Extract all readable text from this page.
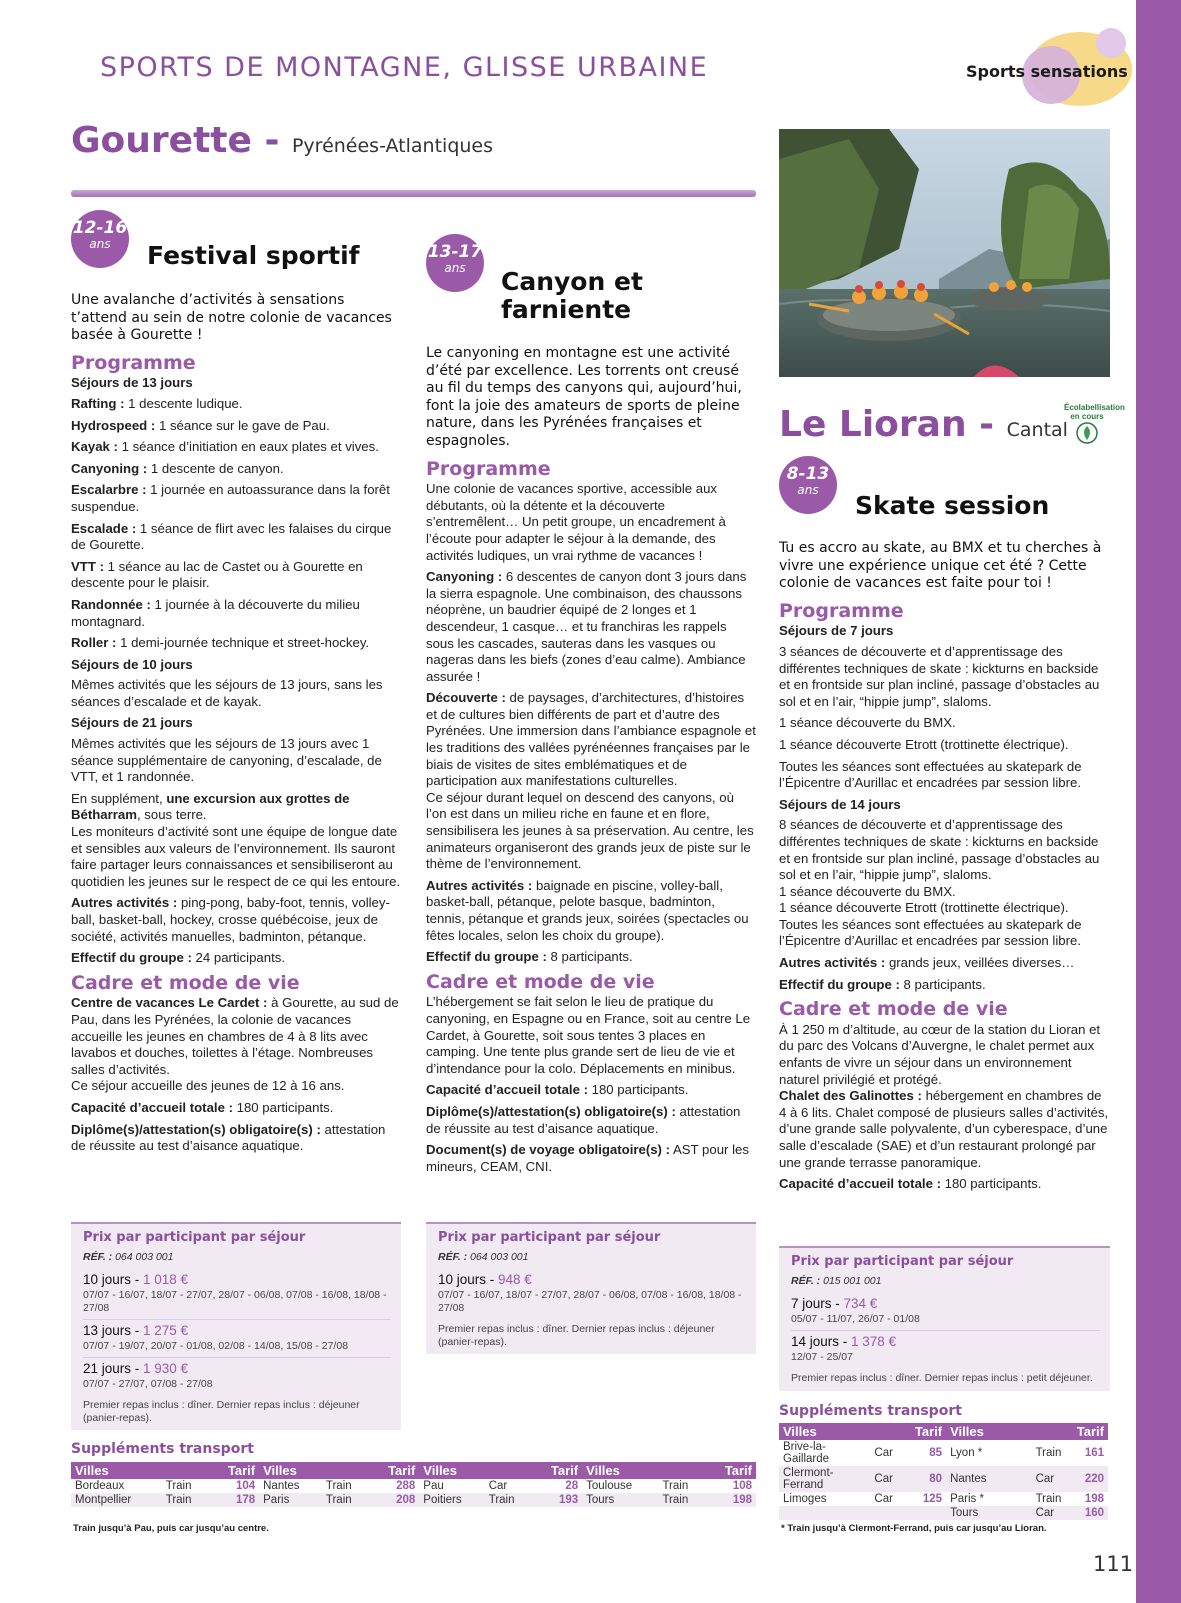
SPORTS DE MONTAGNE, GLISSE URBAINE	Sports sensations
Gourette - Pyrénées-Atlantiques
12-16
ans	Festival sportif

Une avalanche d’activités à sensations t’attend au sein de notre colonie de vacances basée à Gourette !

Programme

Séjours de 13 jours

Rafting : 1 descente ludique.

Hydrospeed : 1 séance sur le gave de Pau.

Kayak : 1 séance d’initiation en eaux plates et vives.

Canyoning : 1 descente de canyon.

Escalarbre : 1 journée en autoassurance dans la forêt suspendue.

Escalade : 1 séance de flirt avec les falaises du cirque de Gourette.

VTT : 1 séance au lac de Castet ou à Gourette en descente pour le plaisir.

Randonnée : 1 journée à la découverte du milieu montagnard.

Roller : 1 demi-journée technique et street-hockey.

Séjours de 10 jours

Mêmes activités que les séjours de 13 jours, sans les séances d’escalade et de kayak.

Séjours de 21 jours

Mêmes activités que les séjours de 13 jours avec 1 séance supplémentaire de canyoning, d’escalade, de VTT, et 1 randonnée.

En supplément, une excursion aux grottes de Bétharram, sous terre.

Les moniteurs d’activité sont une équipe de longue date et sensibles aux valeurs de l’environnement. Ils sauront faire partager leurs connaissances et sensibiliseront au quotidien les jeunes sur le respect de ce qui les entoure.

Autres activités : ping-pong, baby-foot, tennis, volley-ball, basket-ball, hockey, crosse québécoise, jeux de société, activités manuelles, badminton, pétanque.

Effectif du groupe : 24 participants.

Cadre et mode de vie

Centre de vacances Le Cardet : à Gourette, au sud de Pau, dans les Pyrénées, la colonie de vacances accueille les jeunes en chambres de 4 à 8 lits avec lavabos et douches, toilettes à l’étage. Nombreuses salles d’activités.

Ce séjour accueille des jeunes de 12 à 16 ans.

Capacité d’accueil totale : 180 participants.

Diplôme(s)/attestation(s) obligatoire(s) : attestation de réussite au test d’aisance aquatique.

Prix par participant par séjour
RÉF. : 064 003 001
10 jours - 1 018 €
07/07 - 16/07, 18/07 - 27/07, 28/07 - 06/08, 07/08 - 16/08, 18/08 - 27/08
13 jours - 1 275 €
07/07 - 19/07, 20/07 - 01/08, 02/08 - 14/08, 15/08 - 27/08
21 jours - 1 930 €
07/07 - 27/07, 07/08 - 27/08
Premier repas inclus : dîner. Dernier repas inclus : déjeuner (panier-repas).
13-17
ans	Canyon et
farniente

Le canyoning en montagne est une activité d’été par excellence. Les torrents ont creusé au fil du temps des canyons qui, aujourd’hui, font la joie des amateurs de sports de pleine nature, dans les Pyrénées françaises et espagnoles.

Programme

Une colonie de vacances sportive, accessible aux débutants, où la détente et la découverte s’entremêlent… Un petit groupe, un encadrement à l’écoute pour adapter le séjour à la demande, des activités ludiques, un vrai rythme de vacances !

Canyoning : 6 descentes de canyon dont 3 jours dans la sierra espagnole. Une combinaison, des chaussons néoprène, un baudrier équipé de 2 longes et 1 descendeur, 1 casque… et tu franchiras les rappels sous les cascades, sauteras dans les vasques ou nageras dans les biefs (zones d’eau calme). Ambiance assurée !

Découverte : de paysages, d’architectures, d’histoires et de cultures bien différents de part et d’autre des Pyrénées. Une immersion dans l’ambiance espagnole et les traditions des vallées pyrénéennes françaises par le biais de visites de sites emblématiques et de participation aux manifestations culturelles.

Ce séjour durant lequel on descend des canyons, où l’on est dans un milieu riche en faune et en flore, sensibilisera les jeunes à sa préservation. Au centre, les animateurs organiseront des grands jeux de piste sur le thème de l’environnement.

Autres activités : baignade en piscine, volley-ball, basket-ball, pétanque, pelote basque, badminton, tennis, pétanque et grands jeux, soirées (spectacles ou fêtes locales, selon les choix du groupe).

Effectif du groupe : 8 participants.

Cadre et mode de vie

L’hébergement se fait selon le lieu de pratique du canyoning, en Espagne ou en France, soit au centre Le Cardet, à Gourette, soit sous tentes 3 places en camping. Une tente plus grande sert de lieu de vie et d’intendance pour la colo. Déplacements en minibus.

Capacité d’accueil totale : 180 participants.

Diplôme(s)/attestation(s) obligatoire(s) : attestation de réussite au test d’aisance aquatique.

Document(s) de voyage obligatoire(s) : AST pour les mineurs, CEAM, CNI.

Prix par participant par séjour
RÉF. : 064 003 001
10 jours - 948 €
07/07 - 16/07, 18/07 - 27/07, 28/07 - 06/08, 07/08 - 16/08, 18/08 - 27/08
Premier repas inclus : dîner. Dernier repas inclus : déjeuner (panier-repas).
Le Lioran - Cantal
Écolabellisation
en cours
8-13
ans
Skate session

Tu es accro au skate, au BMX et tu cherches à vivre une expérience unique cet été ? Cette colonie de vacances est faite pour toi !

Programme

Séjours de 7 jours

3 séances de découverte et d’apprentissage des différentes techniques de skate : kickturns en backside et en frontside sur plan incliné, passage d’obstacles au sol et en l’air, “hippie jump”, slaloms.

1 séance découverte du BMX.

1 séance découverte Etrott (trottinette électrique).

Toutes les séances sont effectuées au skatepark de l’Épicentre d’Aurillac et encadrées par session libre.

Séjours de 14 jours

8 séances de découverte et d’apprentissage des différentes techniques de skate : kickturns en backside et en frontside sur plan incliné, passage d’obstacles au sol et en l’air, “hippie jump”, slaloms.

1 séance découverte du BMX.

1 séance découverte Etrott (trottinette électrique).

Toutes les séances sont effectuées au skatepark de l’Épicentre d’Aurillac et encadrées par session libre.

Autres activités : grands jeux, veillées diverses…

Effectif du groupe : 8 participants.

Cadre et mode de vie

À 1 250 m d’altitude, au cœur de la station du Lioran et du parc des Volcans d’Auvergne, le chalet permet aux enfants de vivre un séjour dans un environnement naturel privilégié et protégé.

Chalet des Galinottes : hébergement en chambres de 4 à 6 lits. Chalet composé de plusieurs salles d’activités, d’une grande salle polyvalente, d’un cyberespace, d’une salle d’escalade (SAE) et d’un restaurant prolongé par une grande terrasse panoramique.

Capacité d’accueil totale : 180 participants.

Prix par participant par séjour
RÉF. : 015 001 001
7 jours - 734 €
05/07 - 11/07, 26/07 - 01/08
14 jours - 1 378 €
12/07 - 25/07
Premier repas inclus : dîner. Dernier repas inclus : petit déjeuner.
Suppléments transport
Villes		Tarif	Villes		Tarif
Brive-la-Gaillarde	Car	85	Lyon *	Train	161
Clermont-Ferrand	Car	80	Nantes	Car	220
Limoges	Car	125	Paris *	Train	198
			Tours	Car	160
* Train jusqu’à Clermont-Ferrand, puis car jusqu’au Lioran.
Suppléments transport
Villes		Tarif	Villes		Tarif	Villes		Tarif	Villes		Tarif
Bordeaux	Train	104	Nantes	Train	288	Pau	Car	28	Toulouse	Train	108
Montpellier	Train	178	Paris	Train	208	Poitiers	Train	193	Tours	Train	198
Train jusqu’à Pau, puis car jusqu’au centre.
111
